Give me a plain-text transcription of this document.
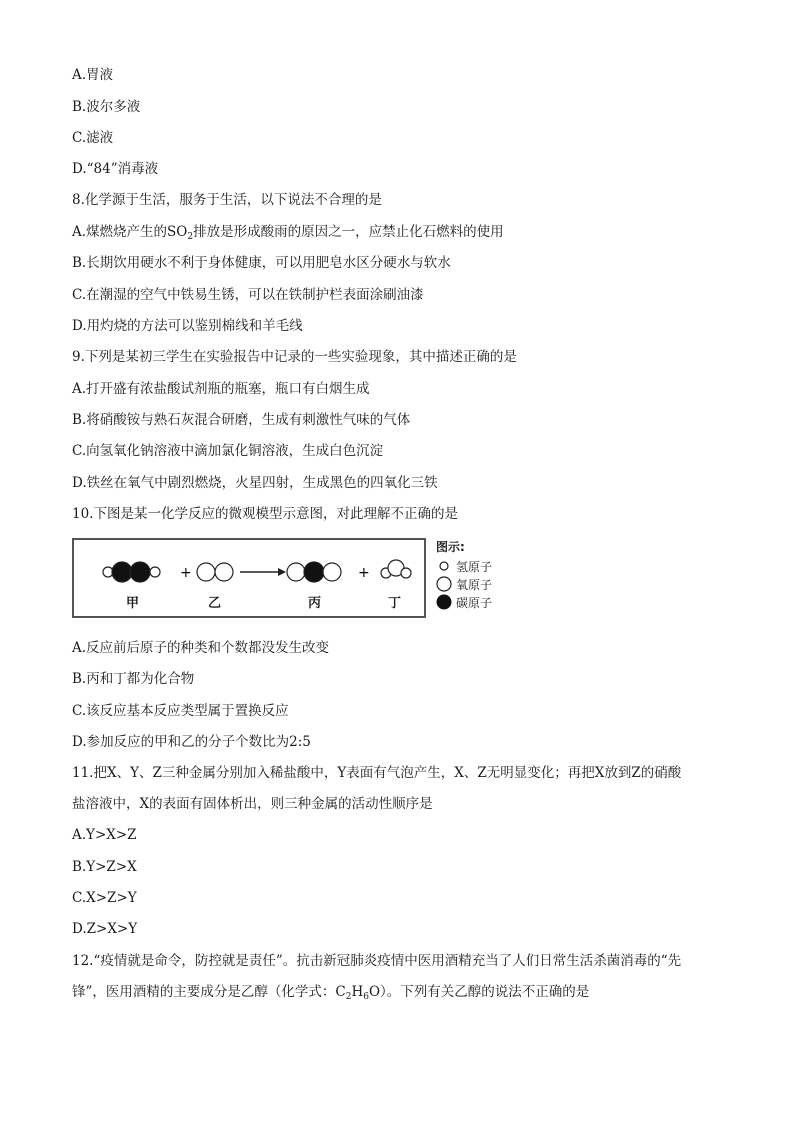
A.胃液
B.波尔多液
C.滤液
D.“84”消毒液
8.化学源于生活，服务于生活，以下说法不合理的是
A.煤燃烧产生的$SO_2$排放是形成酸雨的原因之一，应禁止化石燃料的使用
B.长期饮用硬水不利于身体健康，可以用肥皂水区分硬水与软水
C.在潮湿的空气中铁易生锈，可以在铁制护栏表面涂刷油漆
D.用灼烧的方法可以鉴别棉线和羊毛线
9.下列是某初三学生在实验报告中记录的一些实验现象，其中描述正确的是
A.打开盛有浓盐酸试剂瓶的瓶塞，瓶口有白烟生成
B.将硝酸铵与熟石灰混合研磨，生成有刺激性气味的气体
C.向氢氧化钠溶液中滴加氯化铜溶液，生成白色沉淀
D.铁丝在氧气中剧烈燃烧，火星四射，生成黑色的四氧化三铁
10.下图是某一化学反应的微观模型示意图，对此理解不正确的是
+	+
甲	乙	丙	丁
图示:
氢原子
氧原子
碳原子
A.反应前后原子的种类和个数都没发生改变
B.丙和丁都为化合物
C.该反应基本反应类型属于置换反应
D.参加反应的甲和乙的分子个数比为2:5
11.把X、Y、Z三种金属分别加入稀盐酸中，Y表面有气泡产生，X、Z无明显变化；再把X放到Z的硝酸
盐溶液中，X的表面有固体析出，则三种金属的活动性顺序是
A.Y>X>Z
B.Y>Z>X
C.X>Z>Y
D.Z>X>Y
12.“疫情就是命令，防控就是责任”。抗击新冠肺炎疫情中医用酒精充当了人们日常生活杀菌消毒的“先
锋”，医用酒精的主要成分是乙醇（化学式：$C_2H_6O$）。下列有关乙醇的说法不正确的是
